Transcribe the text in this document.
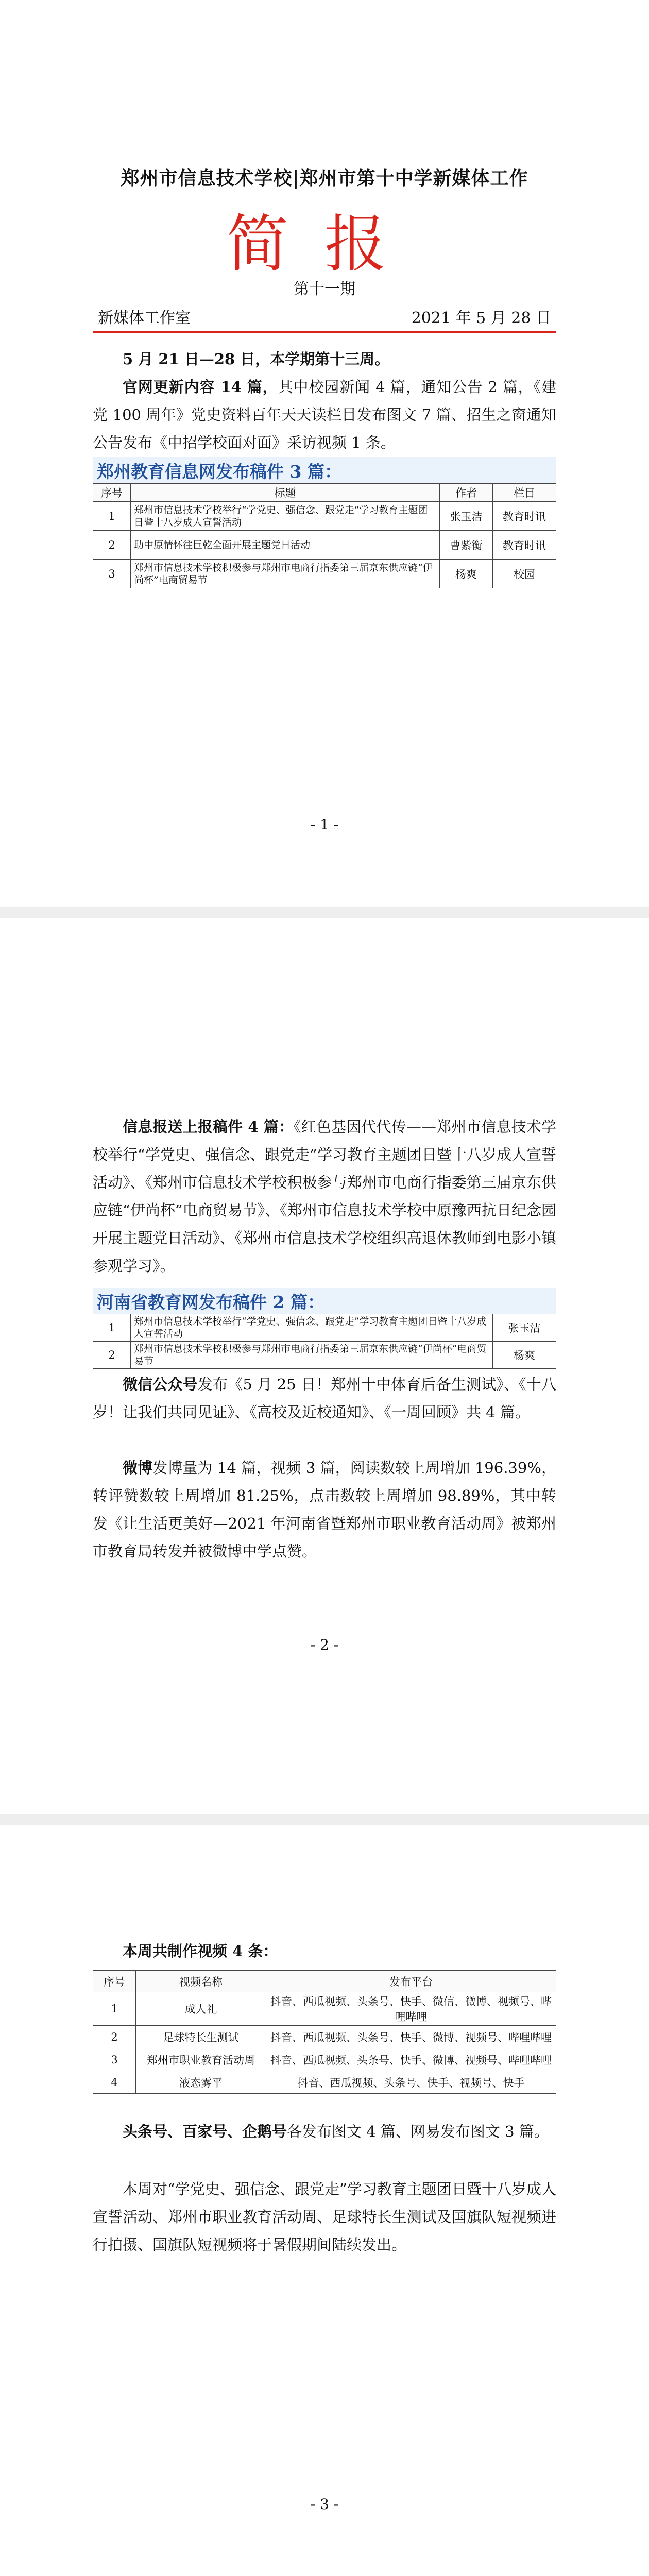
郑州市信息技术学校|郑州市第十中学新媒体工作
简报
第十一期
新媒体工作室	2021 年 5 月 28 日
5 月 21 日—28 日，本学期第十三周。
官网更新内容 14 篇，其中校园新闻 4 篇，通知公告 2 篇，《建党 100 周年》党史资料百年天天读栏目发布图文 7 篇、招生之窗通知公告发布《中招学校面对面》采访视频 1 条。
郑州教育信息网发布稿件 3 篇：
序号	标题	作者	栏目
1	郑州市信息技术学校举行“学党史、强信念、跟党走”学习教育主题团日暨十八岁成人宣誓活动	张玉洁	教育时讯
2	助中原情怀往巨乾全面开展主题党日活动	曹紫衡	教育时讯
3	郑州市信息技术学校积极参与郑州市电商行指委第三届京东供应链“伊尚杯”电商贸易节	杨爽	校园
- 1 -
信息报送上报稿件 4 篇：《红色基因代代传——郑州市信息技术学校举行“学党史、强信念、跟党走”学习教育主题团日暨十八岁成人宣誓活动》、《郑州市信息技术学校积极参与郑州市电商行指委第三届京东供应链“伊尚杯”电商贸易节》、《郑州市信息技术学校中原豫西抗日纪念园开展主题党日活动》、《郑州市信息技术学校组织高退休教师到电影小镇参观学习》。
河南省教育网发布稿件 2 篇：
1	郑州市信息技术学校举行“学党史、强信念、跟党走”学习教育主题团日暨十八岁成人宣誓活动	张玉洁
2	郑州市信息技术学校积极参与郑州市电商行指委第三届京东供应链“伊尚杯”电商贸易节	杨爽
微信公众号发布《5 月 25 日！郑州十中体育后备生测试》、《十八岁！让我们共同见证》、《高校及近校通知》、《一周回顾》共 4 篇。
微博发博量为 14 篇，视频 3 篇，阅读数较上周增加 196.39%，转评赞数较上周增加 81.25%，点击数较上周增加 98.89%，其中转发《让生活更美好—2021 年河南省暨郑州市职业教育活动周》被郑州市教育局转发并被微博中学点赞。
- 2 -
本周共制作视频 4 条：
序号	视频名称	发布平台
1	成人礼	抖音、西瓜视频、头条号、快手、微信、微博、视频号、哔哩哔哩
2	足球特长生测试	抖音、西瓜视频、头条号、快手、微博、视频号、哔哩哔哩
3	郑州市职业教育活动周	抖音、西瓜视频、头条号、快手、微博、视频号、哔哩哔哩
4	液态雾平	抖音、西瓜视频、头条号、快手、视频号、快手
头条号、百家号、企鹅号各发布图文 4 篇、网易发布图文 3 篇。
本周对“学党史、强信念、跟党走”学习教育主题团日暨十八岁成人宣誓活动、郑州市职业教育活动周、足球特长生测试及国旗队短视频进行拍摄、国旗队短视频将于暑假期间陆续发出。
- 3 -
